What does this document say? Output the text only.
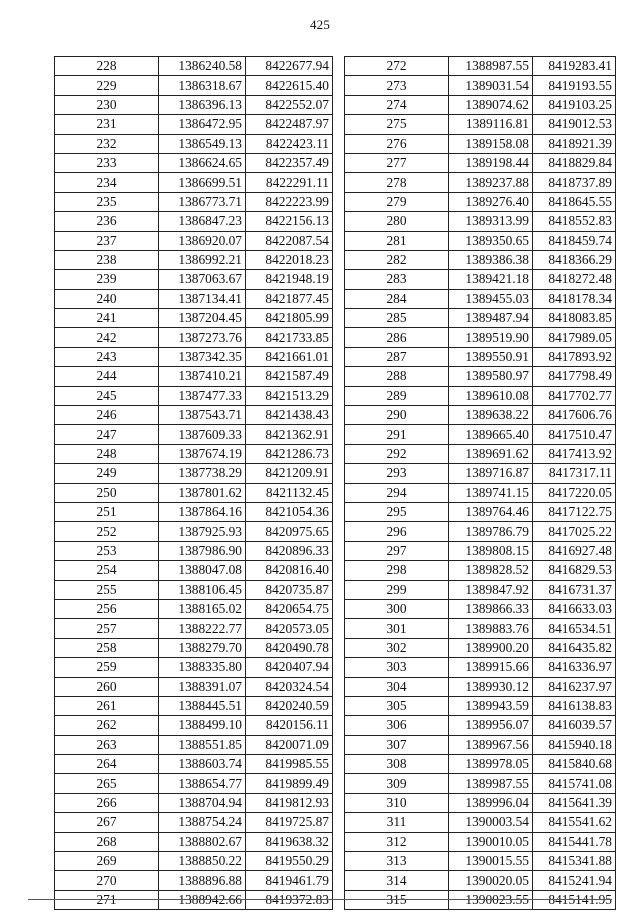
425
228	1386240.58	8422677.94
229	1386318.67	8422615.40
230	1386396.13	8422552.07
231	1386472.95	8422487.97
232	1386549.13	8422423.11
233	1386624.65	8422357.49
234	1386699.51	8422291.11
235	1386773.71	8422223.99
236	1386847.23	8422156.13
237	1386920.07	8422087.54
238	1386992.21	8422018.23
239	1387063.67	8421948.19
240	1387134.41	8421877.45
241	1387204.45	8421805.99
242	1387273.76	8421733.85
243	1387342.35	8421661.01
244	1387410.21	8421587.49
245	1387477.33	8421513.29
246	1387543.71	8421438.43
247	1387609.33	8421362.91
248	1387674.19	8421286.73
249	1387738.29	8421209.91
250	1387801.62	8421132.45
251	1387864.16	8421054.36
252	1387925.93	8420975.65
253	1387986.90	8420896.33
254	1388047.08	8420816.40
255	1388106.45	8420735.87
256	1388165.02	8420654.75
257	1388222.77	8420573.05
258	1388279.70	8420490.78
259	1388335.80	8420407.94
260	1388391.07	8420324.54
261	1388445.51	8420240.59
262	1388499.10	8420156.11
263	1388551.85	8420071.09
264	1388603.74	8419985.55
265	1388654.77	8419899.49
266	1388704.94	8419812.93
267	1388754.24	8419725.87
268	1388802.67	8419638.32
269	1388850.22	8419550.29
270	1388896.88	8419461.79
271	1388942.66	8419372.83
272	1388987.55	8419283.41
273	1389031.54	8419193.55
274	1389074.62	8419103.25
275	1389116.81	8419012.53
276	1389158.08	8418921.39
277	1389198.44	8418829.84
278	1389237.88	8418737.89
279	1389276.40	8418645.55
280	1389313.99	8418552.83
281	1389350.65	8418459.74
282	1389386.38	8418366.29
283	1389421.18	8418272.48
284	1389455.03	8418178.34
285	1389487.94	8418083.85
286	1389519.90	8417989.05
287	1389550.91	8417893.92
288	1389580.97	8417798.49
289	1389610.08	8417702.77
290	1389638.22	8417606.76
291	1389665.40	8417510.47
292	1389691.62	8417413.92
293	1389716.87	8417317.11
294	1389741.15	8417220.05
295	1389764.46	8417122.75
296	1389786.79	8417025.22
297	1389808.15	8416927.48
298	1389828.52	8416829.53
299	1389847.92	8416731.37
300	1389866.33	8416633.03
301	1389883.76	8416534.51
302	1389900.20	8416435.82
303	1389915.66	8416336.97
304	1389930.12	8416237.97
305	1389943.59	8416138.83
306	1389956.07	8416039.57
307	1389967.56	8415940.18
308	1389978.05	8415840.68
309	1389987.55	8415741.08
310	1389996.04	8415641.39
311	1390003.54	8415541.62
312	1390010.05	8415441.78
313	1390015.55	8415341.88
314	1390020.05	8415241.94
315	1390023.55	8415141.95
